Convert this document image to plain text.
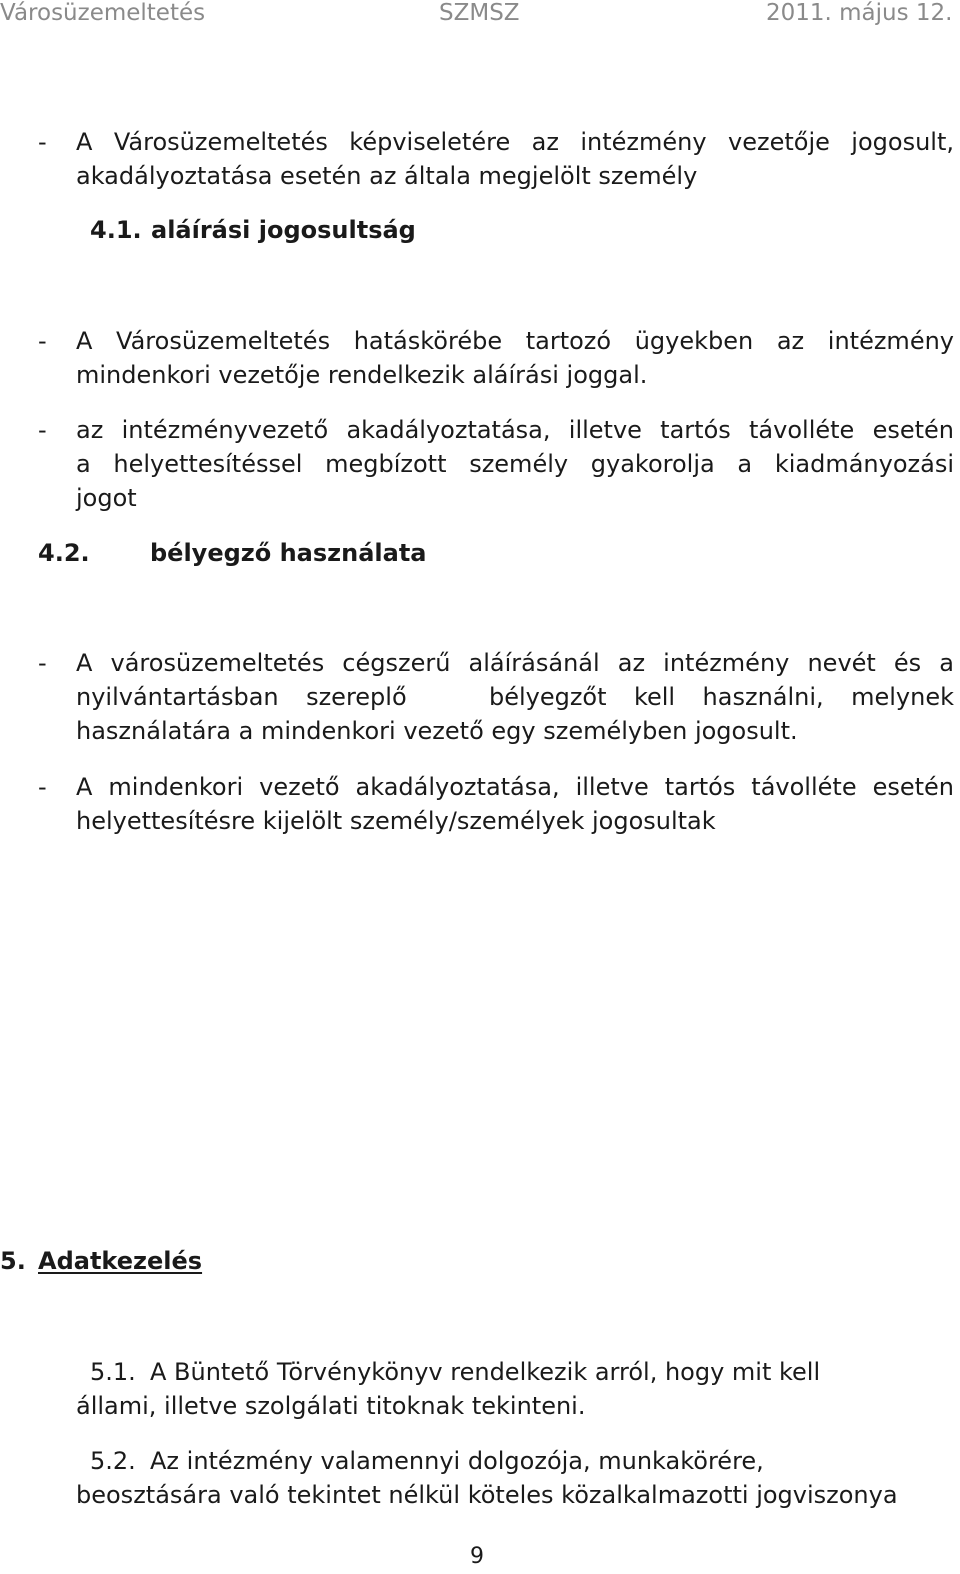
Városüzemeltetés	SZMSZ	2011. május 12.
- A Városüzemeltetés képviseletére az intézmény vezetője jogosult,
akadályoztatása esetén az általa megjelölt személy
4.1. aláírási jogosultság
- A Városüzemeltetés hatáskörébe tartozó ügyekben az intézmény
mindenkori vezetője rendelkezik aláírási joggal.
- az intézményvezető akadályoztatása, illetve tartós távolléte esetén
a helyettesítéssel megbízott személy gyakorolja a kiadmányozási
jogot
4.2.	bélyegző használata
- A városüzemeltetés cégszerű aláírásánál az intézmény nevét és a
nyilvántartásban szereplő   bélyegzőt kell használni, melynek
használatára a mindenkori vezető egy személyben jogosult.
- A mindenkori vezető akadályoztatása, illetve tartós távolléte esetén
helyettesítésre kijelölt személy/személyek jogosultak
5. Adatkezelés
5.1. A Büntető Törvénykönyv rendelkezik arról, hogy mit kell
állami, illetve szolgálati titoknak tekinteni.
5.2. Az intézmény valamennyi dolgozója, munkakörére,
beosztására való tekintet nélkül köteles közalkalmazotti jogviszonya
9
